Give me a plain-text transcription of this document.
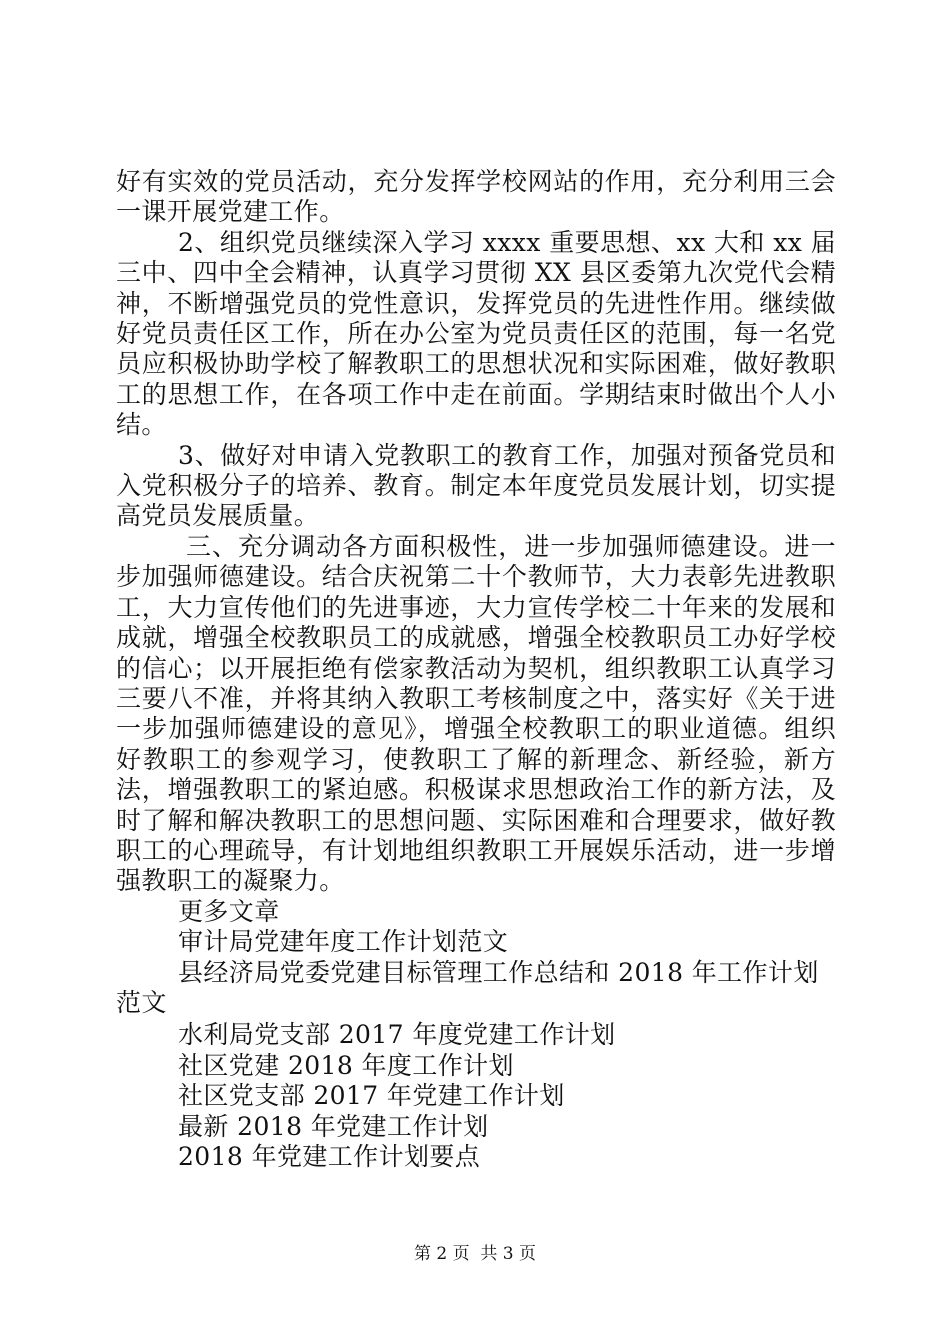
好有实效的党员活动，充分发挥学校网站的作用，充分利用三会一课开展党建工作。

2、组织党员继续深入学习 xxxx 重要思想、xx 大和 xx 届三中、四中全会精神，认真学习贯彻 XX 县区委第九次党代会精神，不断增强党员的党性意识，发挥党员的先进性作用。继续做好党员责任区工作，所在办公室为党员责任区的范围，每一名党员应积极协助学校了解教职工的思想状况和实际困难，做好教职工的思想工作，在各项工作中走在前面。学期结束时做出个人小结。

3、做好对申请入党教职工的教育工作，加强对预备党员和入党积极分子的培养、教育。制定本年度党员发展计划，切实提高党员发展质量。

三、充分调动各方面积极性，进一步加强师德建设。进一步加强师德建设。结合庆祝第二十个教师节，大力表彰先进教职工，大力宣传他们的先进事迹，大力宣传学校二十年来的发展和成就，增强全校教职员工的成就感，增强全校教职员工办好学校的信心；以开展拒绝有偿家教活动为契机，组织教职工认真学习三要八不准，并将其纳入教职工考核制度之中，落实好《关于进一步加强师德建设的意见》，增强全校教职工的职业道德。组织好教职工的参观学习，使教职工了解的新理念、新经验，新方法，增强教职工的紧迫感。积极谋求思想政治工作的新方法，及时了解和解决教职工的思想问题、实际困难和合理要求，做好教职工的心理疏导，有计划地组织教职工开展娱乐活动，进一步增强教职工的凝聚力。

更多文章

审计局党建年度工作计划范文
县经济局党委党建目标管理工作总结和 2018 年工作计划范文
水利局党支部 2017 年度党建工作计划
社区党建 2018 年度工作计划
社区党支部 2017 年党建工作计划
最新 2018 年党建工作计划
2018 年党建工作计划要点
第 2 页  共 3 页
